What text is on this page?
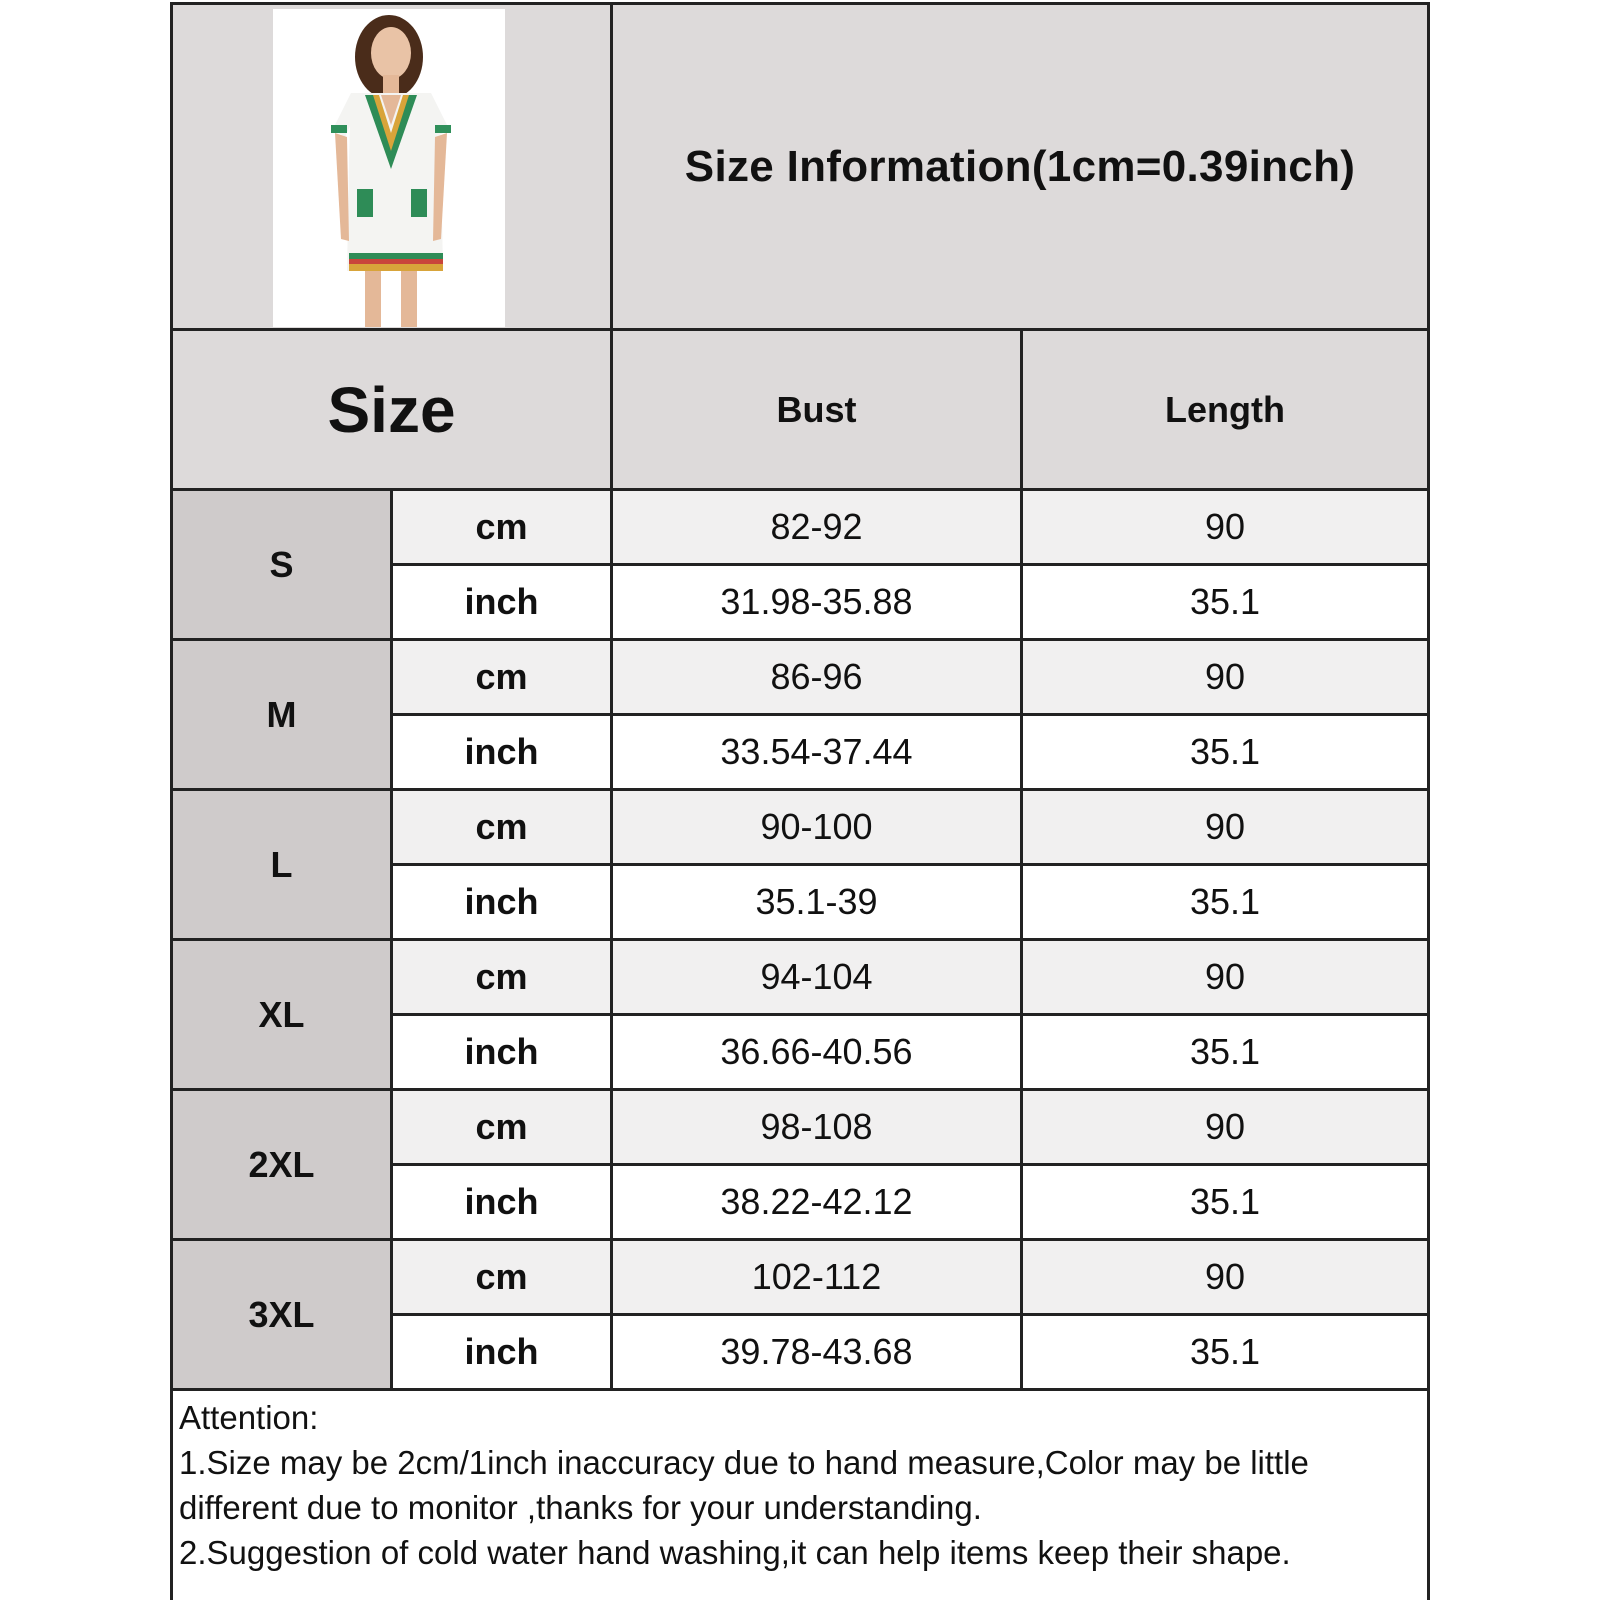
Size Information(1cm=0.39inch)
Size	Bust	Length
S
cm	82-92	90
inch	31.98-35.88	35.1
M
cm	86-96	90
inch	33.54-37.44	35.1
L
cm	90-100	90
inch	35.1-39	35.1
XL
cm	94-104	90
inch	36.66-40.56	35.1
2XL
cm	98-108	90
inch	38.22-42.12	35.1
3XL
cm	102-112	90
inch	39.78-43.68	35.1

Attention:

1.Size may be 2cm/1inch inaccuracy due to hand measure,Color may be little different due to monitor ,thanks for your understanding.

2.Suggestion of cold water hand washing,it can help items keep their shape.
